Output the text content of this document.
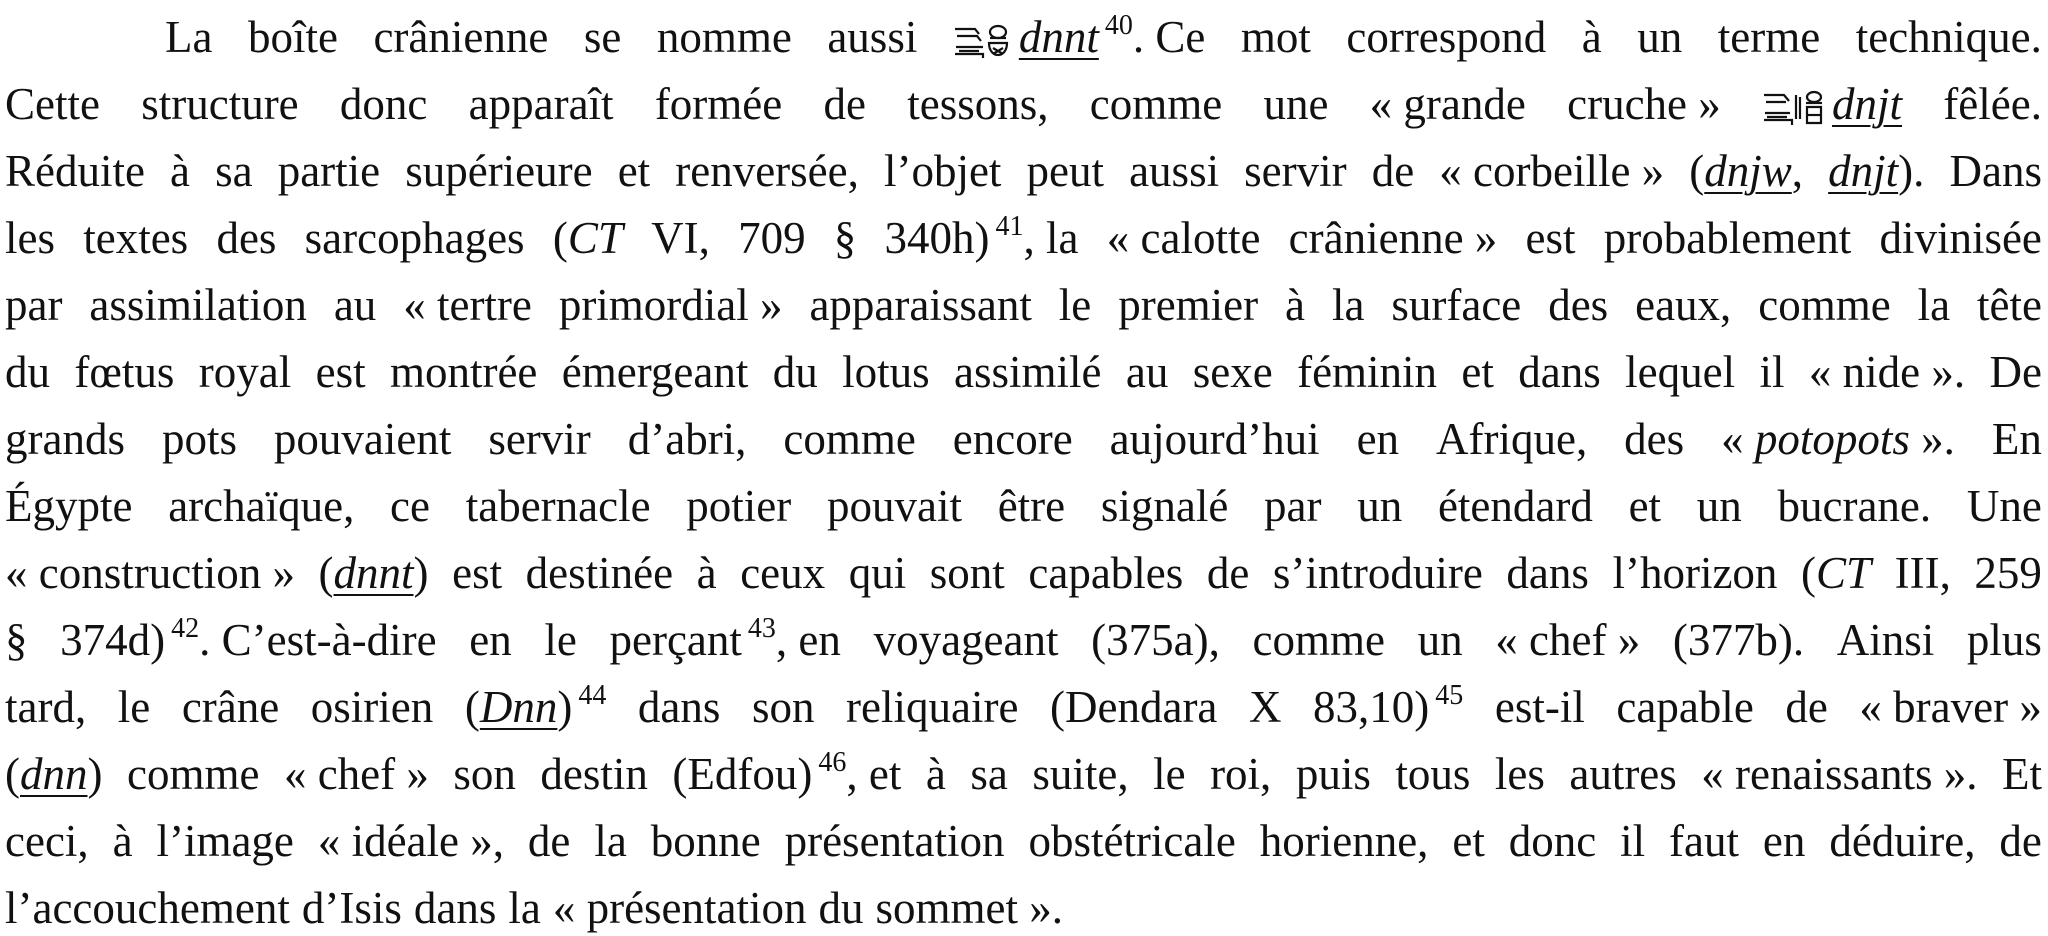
La boîte crânienne se nomme aussi	dnnt $^{40}$. Ce mot correspond à un terme technique.
Cette structure donc apparaît formée de tessons, comme une « grande cruche »	dnjt fêlée.
Réduite à sa partie supérieure et renversée, l’objet peut aussi servir de « corbeille » (dnjw, dnjt). Dans
les textes des sarcophages (CT VI, 709 § 340h) $^{41}$, la « calotte crânienne » est probablement divinisée
par assimilation au « tertre primordial » apparaissant le premier à la surface des eaux, comme la tête
du fœtus royal est montrée émergeant du lotus assimilé au sexe féminin et dans lequel il « nide ». De
grands pots pouvaient servir d’abri, comme encore aujourd’hui en Afrique, des « potopots ». En
Égypte archaïque, ce tabernacle potier pouvait être signalé par un étendard et un bucrane. Une
« construction » (dnnt) est destinée à ceux qui sont capables de s’introduire dans l’horizon (CT III, 259
§ 374d) $^{42}$. C’est-à-dire en le perçant $^{43}$, en voyageant (375a), comme un « chef » (377b). Ainsi plus
tard, le crâne osirien (Dnn) $^{44}$ dans son reliquaire (Dendara X 83,10) $^{45}$ est-il capable de « braver »
(dnn) comme « chef » son destin (Edfou) $^{46}$, et à sa suite, le roi, puis tous les autres « renaissants ». Et
ceci, à l’image « idéale », de la bonne présentation obstétricale horienne, et donc il faut en déduire, de
l’accouchement d’Isis dans la « présentation du sommet ».
